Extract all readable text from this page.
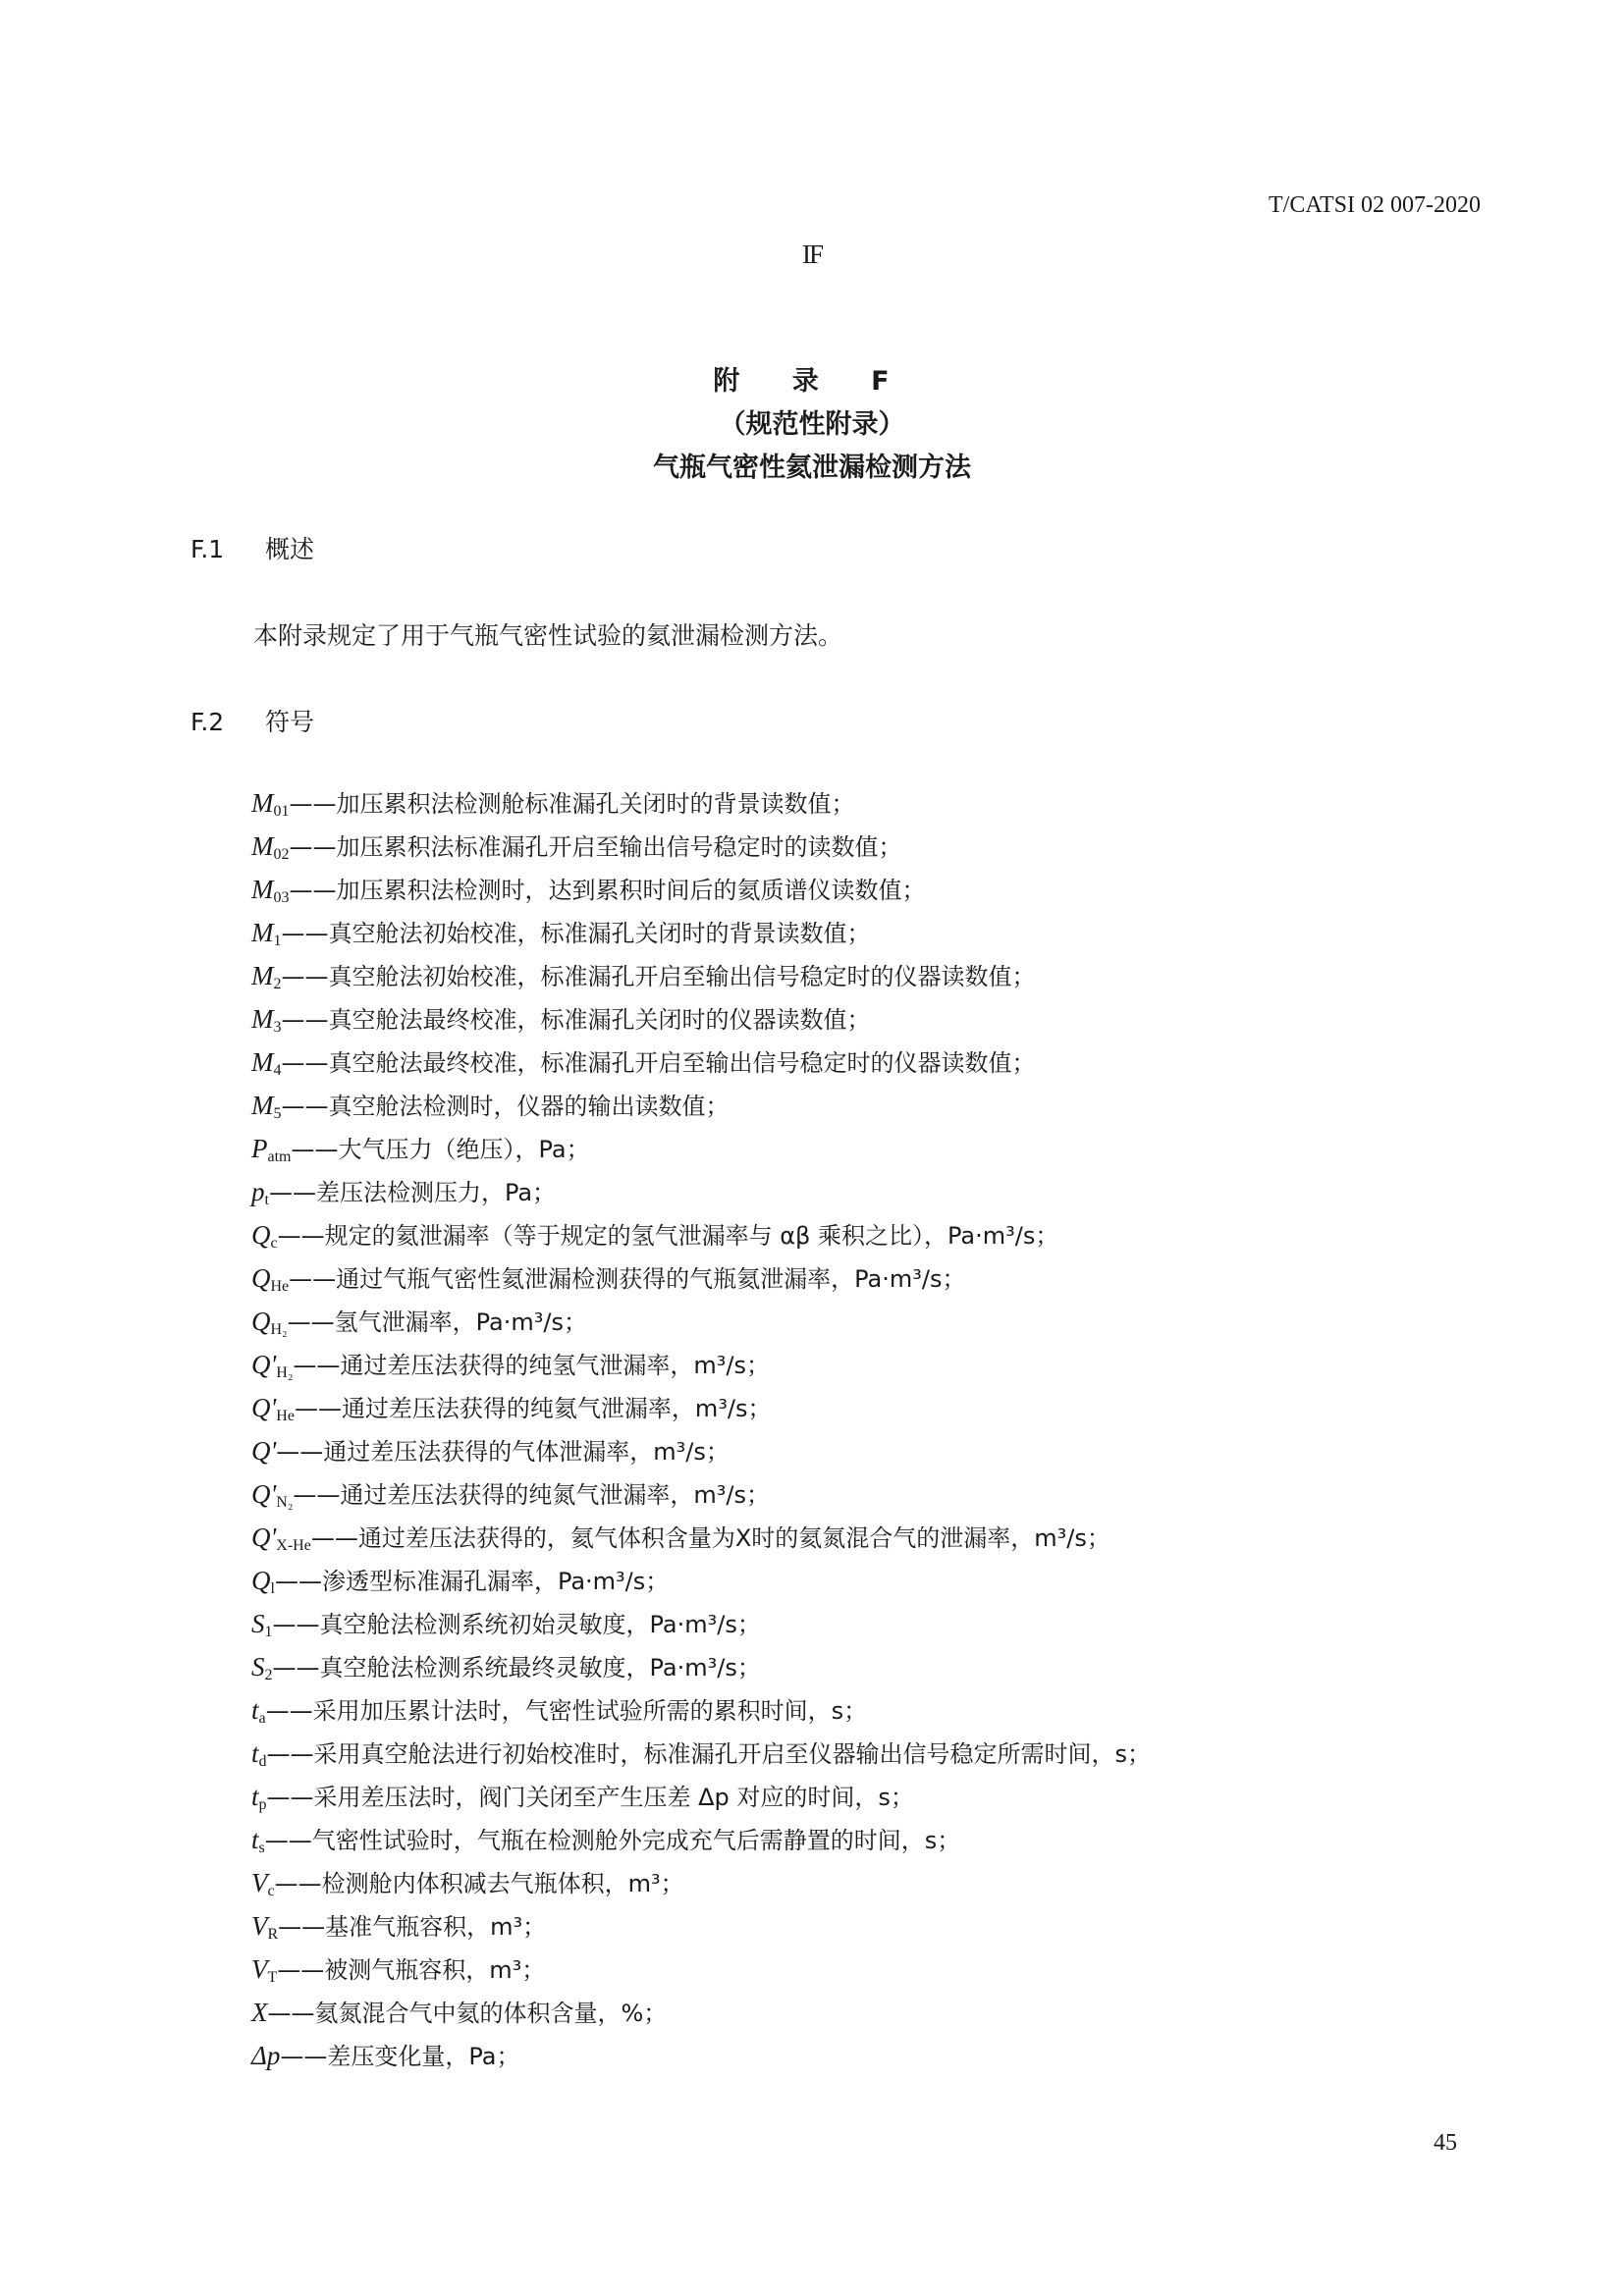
T/CATSI 02 007-2020
IF
附 录 F
（规范性附录）
气瓶气密性氦泄漏检测方法
F.1 概述
本附录规定了用于气瓶气密性试验的氦泄漏检测方法。
F.2 符号
$M_{01}——$加压累积法检测舱标准漏孔关闭时的背景读数值；
$M_{02}——$加压累积法标准漏孔开启至输出信号稳定时的读数值；
$M_{03}——$加压累积法检测时，达到累积时间后的氦质谱仪读数值；
$M_1——$真空舱法初始校准，标准漏孔关闭时的背景读数值；
$M_2——$真空舱法初始校准，标准漏孔开启至输出信号稳定时的仪器读数值；
$M_3——$真空舱法最终校准，标准漏孔关闭时的仪器读数值；
$M_4——$真空舱法最终校准，标准漏孔开启至输出信号稳定时的仪器读数值；
$M_5——$真空舱法检测时，仪器的输出读数值；
$P_{atm}——$大气压力（绝压），Pa；
$p_t——$差压法检测压力，Pa；
$Q_c——$规定的氦泄漏率（等于规定的氢气泄漏率与 αβ 乘积之比），Pa·m³/s；
$Q_{He}——$通过气瓶气密性氦泄漏检测获得的气瓶氦泄漏率，Pa·m³/s；
$Q_{H_2}——$氢气泄漏率，Pa·m³/s；
$Q'_{H_2}——$通过差压法获得的纯氢气泄漏率，m³/s；
$Q'_{He}——$通过差压法获得的纯氦气泄漏率，m³/s；
Q'——通过差压法获得的气体泄漏率，m³/s；
$Q'_{N_2}——$通过差压法获得的纯氮气泄漏率，m³/s；
$Q'_{X-He}——$通过差压法获得的，氦气体积含量为X时的氦氮混合气的泄漏率，m³/s；
$Q_l——$渗透型标准漏孔漏率，Pa·m³/s；
$S_1——$真空舱法检测系统初始灵敏度，Pa·m³/s；
$S_2——$真空舱法检测系统最终灵敏度，Pa·m³/s；
$t_a——$采用加压累计法时，气密性试验所需的累积时间，s；
$t_d——$采用真空舱法进行初始校准时，标准漏孔开启至仪器输出信号稳定所需时间，s；
$t_p——$采用差压法时，阀门关闭至产生压差 Δp 对应的时间，s；
$t_s——$气密性试验时，气瓶在检测舱外完成充气后需静置的时间，s；
$V_c——$检测舱内体积减去气瓶体积，m³；
$V_R——$基准气瓶容积，m³；
$V_T——$被测气瓶容积，m³；
X——氦氮混合气中氦的体积含量，%；
Δp——差压变化量，Pa；
45
